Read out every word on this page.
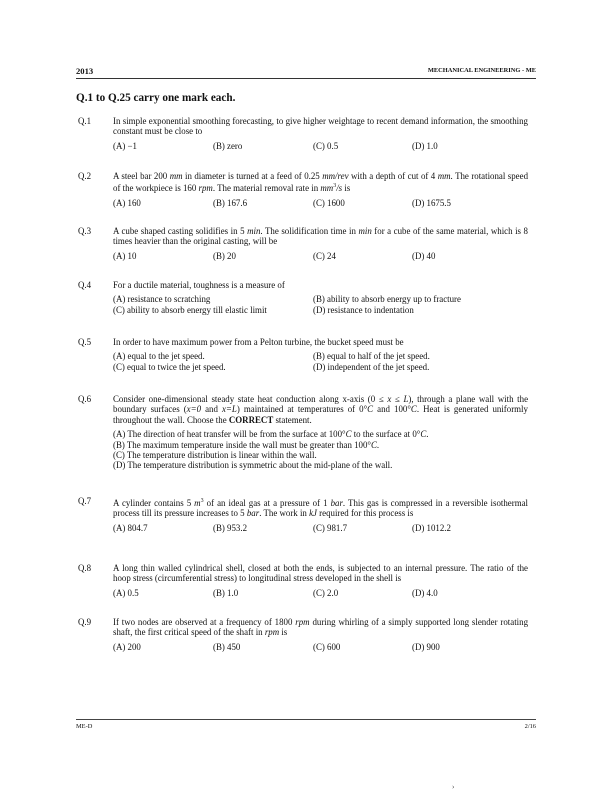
2013	MECHANICAL ENGINEERING - ME
Q.1 to Q.25 carry one mark each.
Q.1 In simple exponential smoothing forecasting, to give higher weightage to recent demand information, the smoothing constant must be close to

(A) −1	(B) zero	(C) 0.5	(D) 1.0
Q.2 A steel bar 200 mm in diameter is turned at a feed of 0.25 mm/rev with a depth of cut of 4 mm. The rotational speed of the workpiece is 160 rpm. The material removal rate in $mm^3/s$ is

(A) 160	(B) 167.6	(C) 1600	(D) 1675.5
Q.3 A cube shaped casting solidifies in 5 min. The solidification time in min for a cube of the same material, which is 8 times heavier than the original casting, will be

(A) 10	(B) 20	(C) 24	(D) 40
Q.4 For a ductile material, toughness is a measure of

(A) resistance to scratching	(B) ability to absorb energy up to fracture
(C) ability to absorb energy till elastic limit	(D) resistance to indentation
Q.5 In order to have maximum power from a Pelton turbine, the bucket speed must be

(A) equal to the jet speed.	(B) equal to half of the jet speed.
(C) equal to twice the jet speed.	(D) independent of the jet speed.
Q.6 Consider one-dimensional steady state heat conduction along x-axis (0 ≤ x ≤ L), through a plane wall with the boundary surfaces (x=0 and x=L) maintained at temperatures of 0°C and 100°C. Heat is generated uniformly throughout the wall. Choose the CORRECT statement.

(A) The direction of heat transfer will be from the surface at 100°C to the surface at 0°C.
(B) The maximum temperature inside the wall must be greater than 100°C.
(C) The temperature distribution is linear within the wall.
(D) The temperature distribution is symmetric about the mid-plane of the wall.
Q.7 A cylinder contains 5 $m^3$ of an ideal gas at a pressure of 1 bar. This gas is compressed in a reversible isothermal process till its pressure increases to 5 bar. The work in kJ required for this process is

(A) 804.7	(B) 953.2	(C) 981.7	(D) 1012.2
Q.8 A long thin walled cylindrical shell, closed at both the ends, is subjected to an internal pressure. The ratio of the hoop stress (circumferential stress) to longitudinal stress developed in the shell is

(A) 0.5	(B) 1.0	(C) 2.0	(D) 4.0
Q.9 If two nodes are observed at a frequency of 1800 rpm during whirling of a simply supported long slender rotating shaft, the first critical speed of the shaft in rpm is

(A) 200	(B) 450	(C) 600	(D) 900
ME-D	2/16
›
